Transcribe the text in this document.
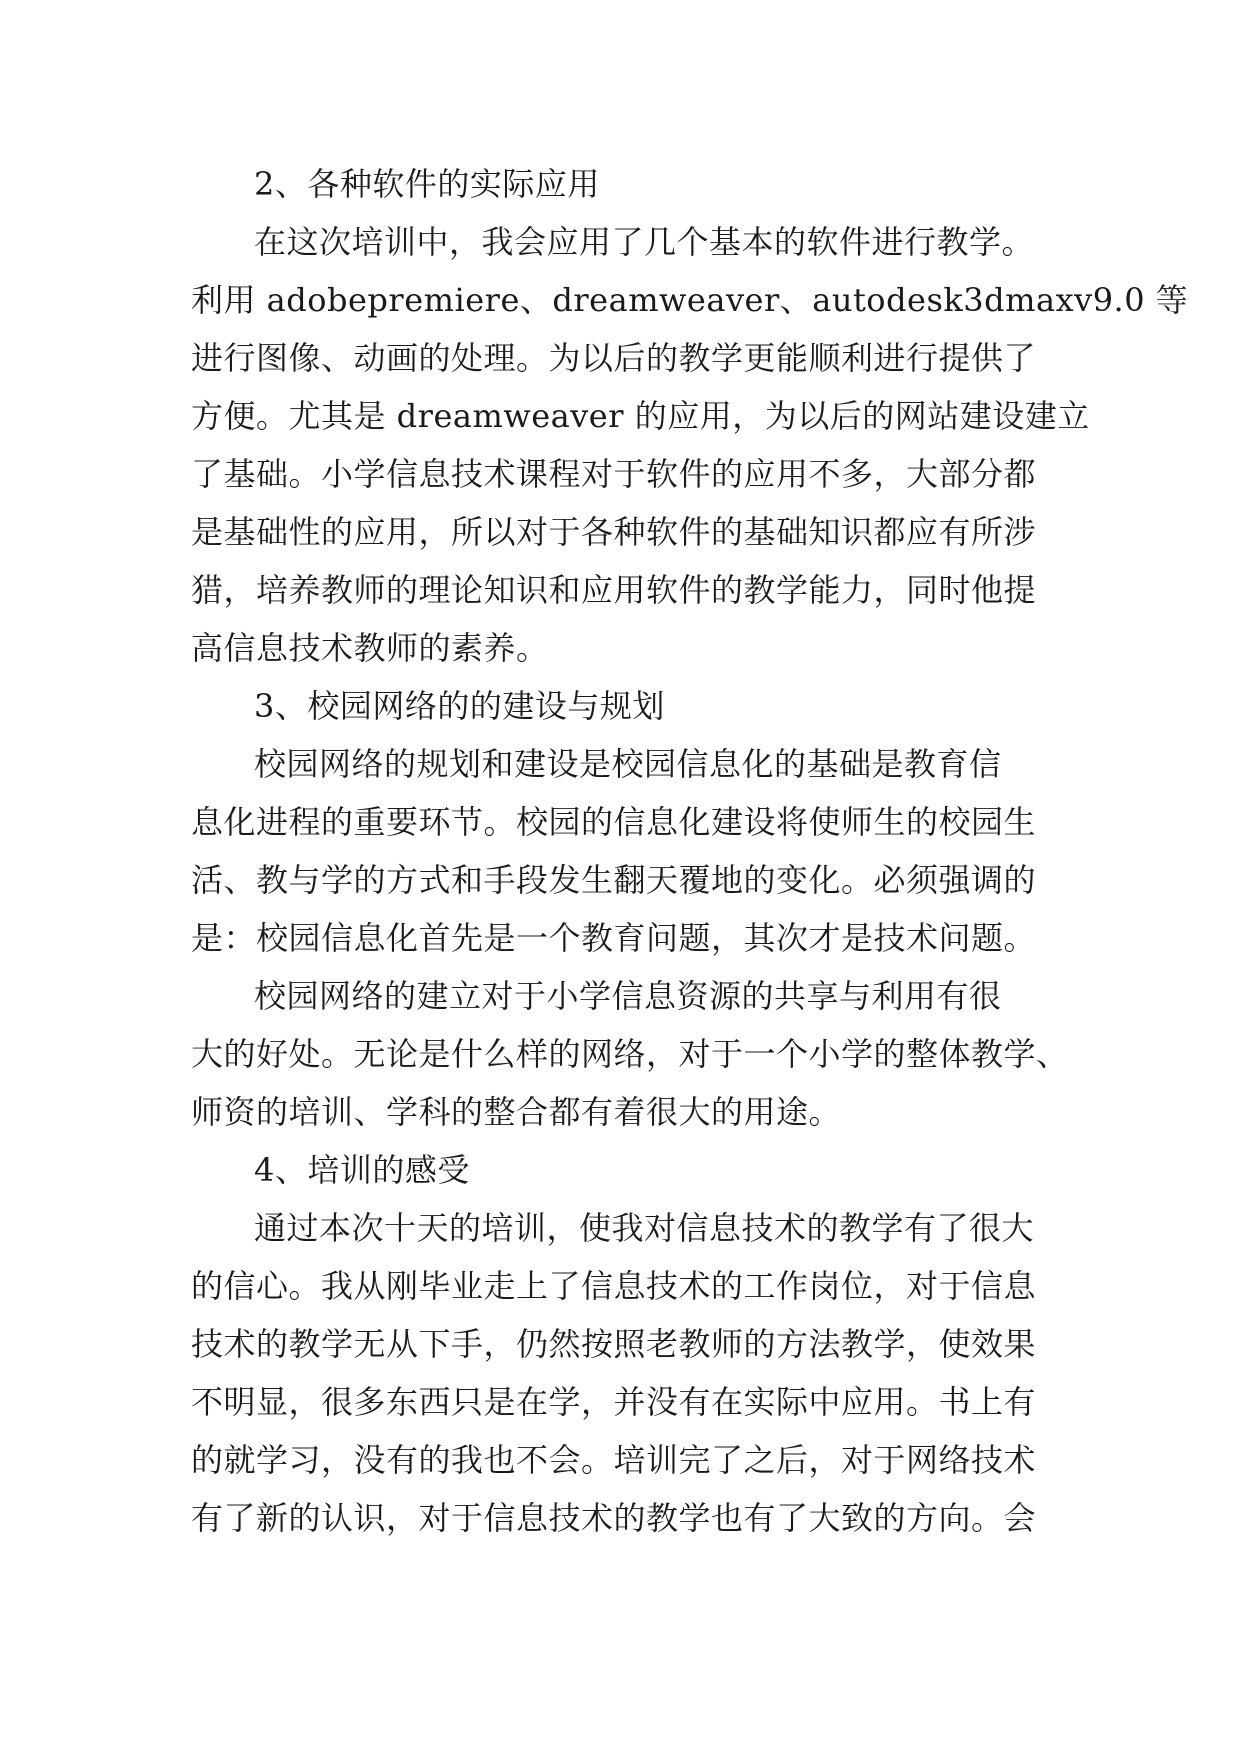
2、各种软件的实际应用
在这次培训中，我会应用了几个基本的软件进行教学。
利用 adobepremiere、dreamweaver、autodesk3dmaxv9.0 等
进行图像、动画的处理。为以后的教学更能顺利进行提供了
方便。尤其是 dreamweaver 的应用，为以后的网站建设建立
了基础。小学信息技术课程对于软件的应用不多，大部分都
是基础性的应用，所以对于各种软件的基础知识都应有所涉
猎，培养教师的理论知识和应用软件的教学能力，同时他提
高信息技术教师的素养。
3、校园网络的的建设与规划
校园网络的规划和建设是校园信息化的基础是教育信
息化进程的重要环节。校园的信息化建设将使师生的校园生
活、教与学的方式和手段发生翻天覆地的变化。必须强调的
是：校园信息化首先是一个教育问题，其次才是技术问题。
校园网络的建立对于小学信息资源的共享与利用有很
大的好处。无论是什么样的网络，对于一个小学的整体教学、
师资的培训、学科的整合都有着很大的用途。
4、培训的感受
通过本次十天的培训，使我对信息技术的教学有了很大
的信心。我从刚毕业走上了信息技术的工作岗位，对于信息
技术的教学无从下手，仍然按照老教师的方法教学，使效果
不明显，很多东西只是在学，并没有在实际中应用。书上有
的就学习，没有的我也不会。培训完了之后，对于网络技术
有了新的认识，对于信息技术的教学也有了大致的方向。会
